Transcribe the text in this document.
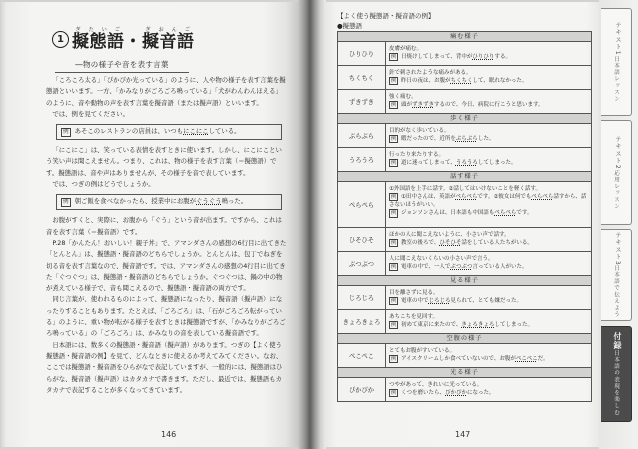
1 擬態語ぎたいご・擬音語ぎおんご
―物の様子や音を表す言葉

「ころころ太る」「ぴかぴか光っている」のように、人や物の様子を表す言葉を擬態語といいます。一方、「かみなりがごろごろ鳴っている」「犬がわんわんほえる」のように、音や動物の声を表す言葉を擬音語（または擬声語）といいます。

では、例を見てください。

例 あそこのレストランの店員は、いつもにこにこしている。

「にこにこ」は、笑っている表情を表すときに使います。しかし、にこにこという笑い声は聞こえません。つまり、これは、物の様子を表す言葉（＝擬態語）です。擬態語は、音や声はありませんが、その様子を音で表しています。

では、つぎの例はどうでしょうか。

例 朝ご飯を食べなかったら、授業中にお腹がぐうぐう鳴った。

お腹がすくと、実際に、お腹から「ぐう」という音が出ます。ですから、これは音を表す言葉（＝擬音語）です。

P.28「かんたん！おいしい！親子丼」で、アマンダさんの感想の6行目に出てきた「とんとん」は、擬態語・擬音語のどちらでしょうか。とんとんは、包丁でねぎを切る音を表す言葉なので、擬音語です。では、アマンダさんの感想の4行目に出てきた「ぐつぐつ」は、擬態語・擬音語のどちらでしょうか。ぐつぐつは、鍋の中の物が煮えている様子で、音も聞こえるので、擬態語・擬音語の両方です。

同じ言葉が、使われるものによって、擬態語になったり、擬音語（擬声語）になったりすることもあります。たとえば、「ごろごろ」は、「石がごろごろ転がっている」のように、重い物が転がる様子を表すときは擬態語ですが、「かみなりがごろごろ鳴っている」の「ごろごろ」は、かみなりの音を表している擬音語です。

日本語には、数多くの擬態語・擬音語（擬声語）があります。つぎの【よく使う擬態語・擬音語の例】を見て、どんなときに使えるか考えてみてください。なお、ここでは擬態語・擬音語をひらがなで表記していますが、一般的には、擬態語はひらがな、擬音語（擬声語）はカタカナで書きます。ただし、最近では、擬態語もカタカナで表記することが多くなってきています。

146
【よく使う擬態語・擬音語の例】
●擬態語
痛む様子	
ひりひり	皮膚が痛む。
例 日焼けしてしまって、背中がひりひりする。

ちくちく	針で刺されたような痛みがある。
例 昨日の夜は、お腹がちくちくして、眠れなかった。

ずきずき	強く痛む。
例 頭がずきずきするので、今日、病院に行こうと思います。

歩く様子	
ぶらぶら	目的がなく歩いている。
例 暇だったので、近所をぶらぶらした。

うろうろ	行ったり来たりする。
例 道に迷ってしまって、うろうろしてしまった。

話す様子	
ぺらぺら	①外国語を上手に話す。②話してはいけないことを軽く話す。
例 ①田中さんは、英語がぺらぺらです。②彼女は何でもぺらぺら話すから、話さないほうがいい。
例 ジョンソンさんは、日本語も中国語もぺらぺらです。

ひそひそ	ほかの人に聞こえないように、小さい声で話す。
例 教室の後ろで、ひそひそ話をしている人たちがいる。

ぶつぶつ	人に聞こえないくらいの小さい声で言う。
例 電車の中で、一人でぶつぶつ言っている人がいた。

見る様子	
じろじろ	目を離さずに見る。
例 電車の中でじろじろ見られて、とても嫌だった。

きょろきょろ	あちこちを見回す。
例 初めて東京に来たので、きょろきょろしてしまった。

空腹の様子	
ぺこぺこ	とてもお腹がすいている。
例 アイスクリームしか食べていないので、お腹がぺこぺこだ。

光る様子	
ぴかぴか	つやがあって、きれいに光っている。
例 くつを磨いたら、ぴかぴかになった。
147
テキスト1
日本語レッスン
テキスト2
応用レッスン
テキスト3
日本語で伝えよう
付録
日本語の表現を楽しむ
